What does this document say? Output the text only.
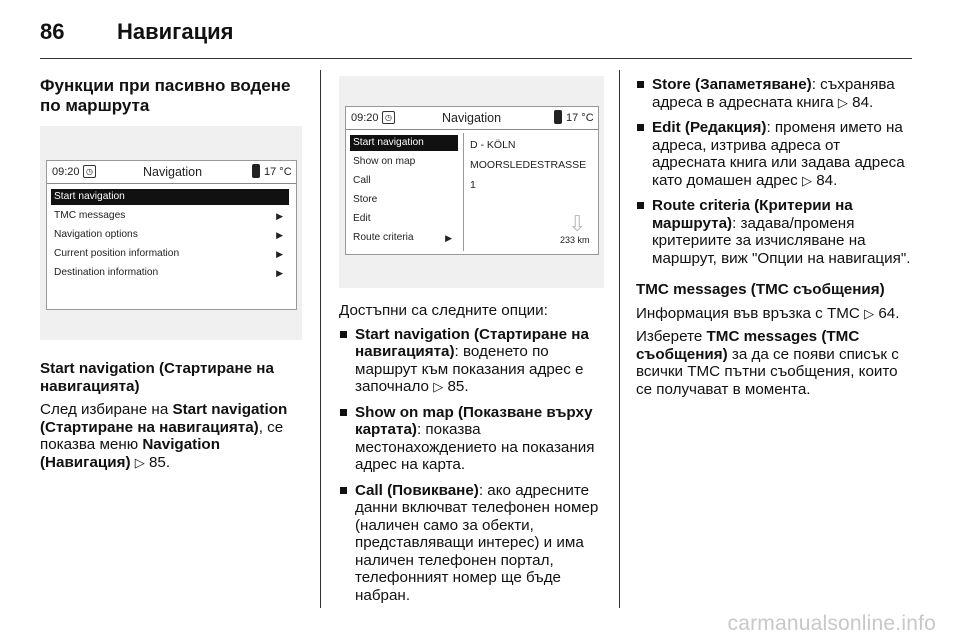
86 Навигация
Функции при пасивно водене по маршрута
09:20 ◷	Navigation	17 °C
Start navigation
TMC messages	▶
Navigation options	▶
Current position information	▶
Destination information	▶

Start navigation (Стартиране на навигацията)

След избиране на Start navigation (Стартиране на навигацията), се показва меню Navigation (Навигация) ▷ 85.

09:20 ◷	Navigation	17 °C
Start navigation
Show on map
Call
Store
Edit
Route criteria	▶
D - KÖLN
MOORSLEDESTRASSE
1
⇩
233 km

Достъпни са следните опции:

Start navigation (Стартиране на навигацията): воденето по маршрут към показания адрес е започнало ▷ 85.
Show on map (Показване върху картата): показва местонахождението на показания адрес на карта.
Call (Повикване): ако адресните данни включват телефонен номер (наличен само за обекти, представляващи интерес) и има наличен телефонен портал, телефонният номер ще бъде набран.
Store (Запаметяване): съхранява адреса в адресната книга ▷ 84.
Edit (Редакция): променя името на адреса, изтрива адреса от адресната книга или задава адреса като домашен адрес ▷ 84.
Route criteria (Критерии на маршрута): задава/променя критериите за изчисляване на маршрут, виж "Опции на навигация".

TMC messages (TMC съобщения)

Информация във връзка с TMC ▷ 64.

Изберете TMC messages (TMC съобщения) за да се появи списък с всички TMC пътни съобщения, които се получават в момента.

carmanualsonline.info
